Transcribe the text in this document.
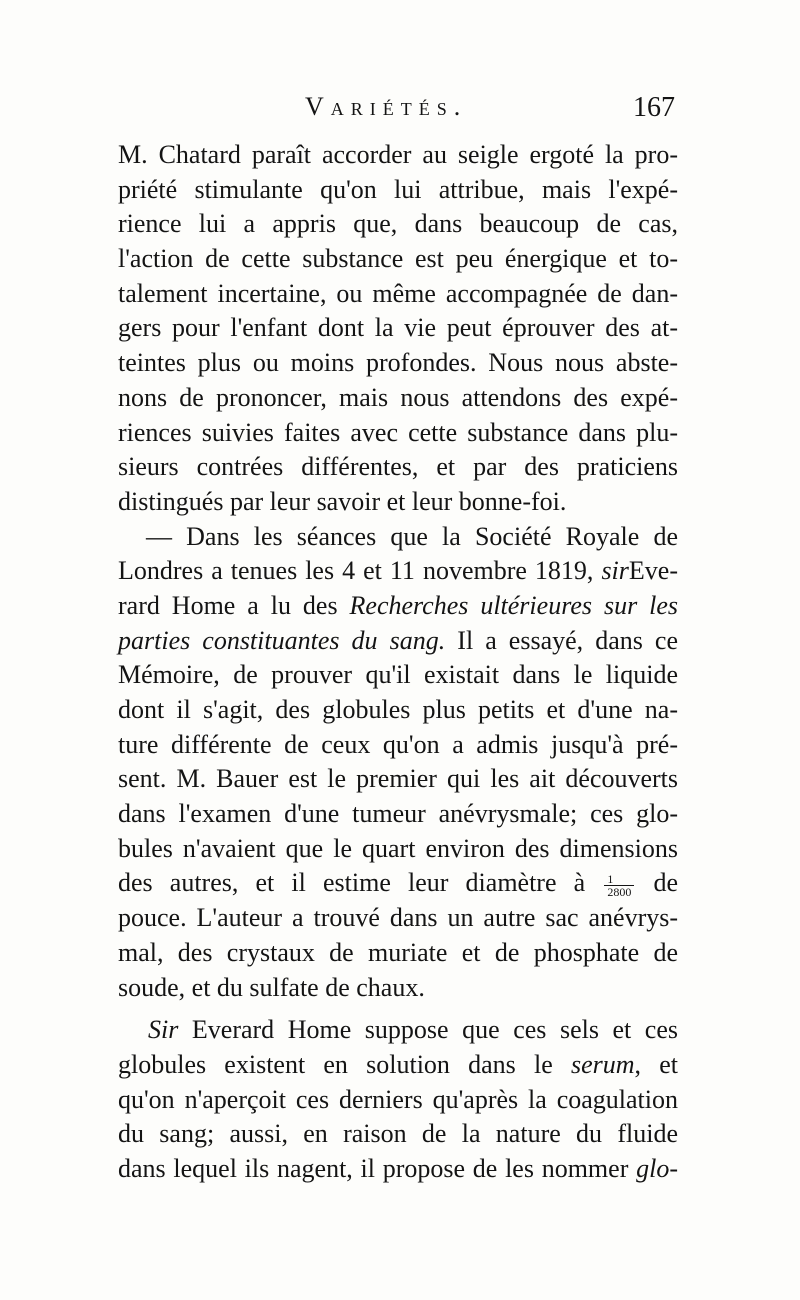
Variétés.	167
M. Chatard paraît accorder au seigle ergoté la pro-
priété stimulante qu'on lui attribue, mais l'expé-
rience lui a appris que, dans beaucoup de cas,
l'action de cette substance est peu énergique et to-
talement incertaine, ou même accompagnée de dan-
gers pour l'enfant dont la vie peut éprouver des at-
teintes plus ou moins profondes. Nous nous abste-
nons de prononcer, mais nous attendons des expé-
riences suivies faites avec cette substance dans plu-
sieurs contrées différentes, et par des praticiens
distingués par leur savoir et leur bonne-foi.
— Dans les séances que la Société Royale de
Londres a tenues les 4 et 11 novembre 1819, sirEve-
rard Home a lu des Recherches ultérieures sur les
parties constituantes du sang. Il a essayé, dans ce
Mémoire, de prouver qu'il existait dans le liquide
dont il s'agit, des globules plus petits et d'une na-
ture différente de ceux qu'on a admis jusqu'à pré-
sent. M. Bauer est le premier qui les ait découverts
dans l'examen d'une tumeur anévrysmale; ces glo-
bules n'avaient que le quart environ des dimensions
des autres, et il estime leur diamètre à $\frac{1}{2800}$ de
pouce. L'auteur a trouvé dans un autre sac anévrys-
mal, des crystaux de muriate et de phosphate de
soude, et du sulfate de chaux.
Sir Everard Home suppose que ces sels et ces
globules existent en solution dans le serum, et
qu'on n'aperçoit ces derniers qu'après la coagulation
du sang; aussi, en raison de la nature du fluide
dans lequel ils nagent, il propose de les nommer glo-
